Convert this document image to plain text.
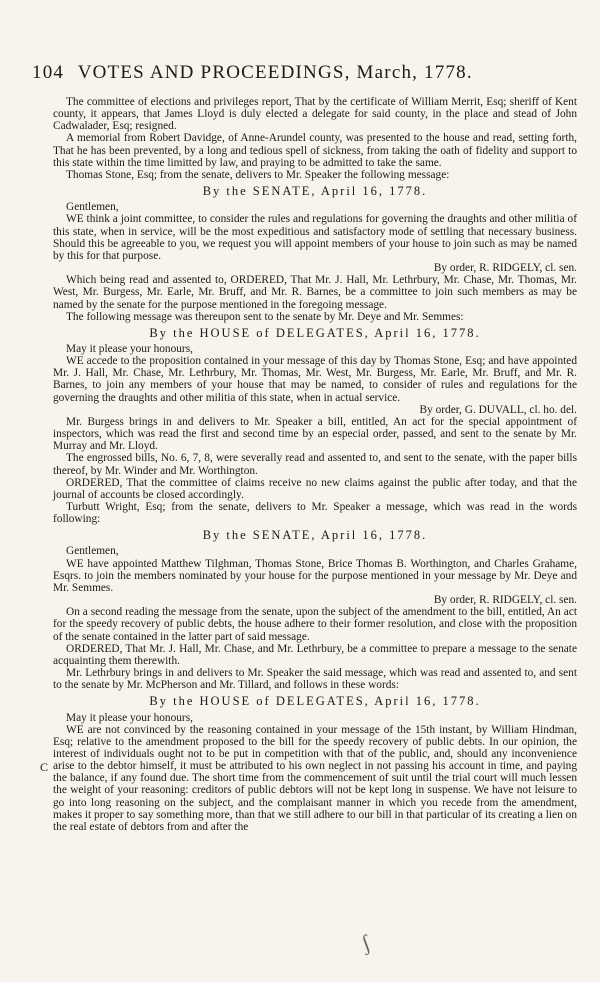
104 VOTES AND PROCEEDINGS, March, 1778.
C
ʃ

The committee of elections and privileges report, That by the certificate of William Merrit, Esq; sheriff of Kent county, it appears, that James Lloyd is duly elected a delegate for said county, in the place and stead of John Cadwalader, Esq; resigned.

A memorial from Robert Davidge, of Anne-Arundel county, was presented to the house and read, setting forth, That he has been prevented, by a long and tedious spell of sickness, from taking the oath of fidelity and support to this state within the time limitted by law, and praying to be admitted to take the same.

Thomas Stone, Esq; from the senate, delivers to Mr. Speaker the following message:

By the SENATE, April 16, 1778.

Gentlemen,

WE think a joint committee, to consider the rules and regulations for governing the draughts and other militia of this state, when in service, will be the most expeditious and satisfactory mode of settling that necessary business. Should this be agreeable to you, we request you will appoint members of your house to join such as may be named by this for that purpose.

By order, R. RIDGELY, cl. sen.

Which being read and assented to, ORDERED, That Mr. J. Hall, Mr. Lethrbury, Mr. Chase, Mr. Thomas, Mr. West, Mr. Burgess, Mr. Earle, Mr. Bruff, and Mr. R. Barnes, be a committee to join such members as may be named by the senate for the purpose mentioned in the foregoing message.

The following message was thereupon sent to the senate by Mr. Deye and Mr. Semmes:

By the HOUSE of DELEGATES, April 16, 1778.

May it please your honours,

WE accede to the proposition contained in your message of this day by Thomas Stone, Esq; and have appointed Mr. J. Hall, Mr. Chase, Mr. Lethrbury, Mr. Thomas, Mr. West, Mr. Burgess, Mr. Earle, Mr. Bruff, and Mr. R. Barnes, to join any members of your house that may be named, to consider of rules and regulations for the governing the draughts and other militia of this state, when in actual service.

By order, G. DUVALL, cl. ho. del.

Mr. Burgess brings in and delivers to Mr. Speaker a bill, entitled, An act for the special appointment of inspectors, which was read the first and second time by an especial order, passed, and sent to the senate by Mr. Murray and Mr. Lloyd.

The engrossed bills, No. 6, 7, 8, were severally read and assented to, and sent to the senate, with the paper bills thereof, by Mr. Winder and Mr. Worthington.

ORDERED, That the committee of claims receive no new claims against the public after today, and that the journal of accounts be closed accordingly.

Turbutt Wright, Esq; from the senate, delivers to Mr. Speaker a message, which was read in the words following:

By the SENATE, April 16, 1778.

Gentlemen,

WE have appointed Matthew Tilghman, Thomas Stone, Brice Thomas B. Worthington, and Charles Grahame, Esqrs. to join the members nominated by your house for the purpose mentioned in your message by Mr. Deye and Mr. Semmes.

By order, R. RIDGELY, cl. sen.

On a second reading the message from the senate, upon the subject of the amendment to the bill, entitled, An act for the speedy recovery of public debts, the house adhere to their former resolution, and close with the proposition of the senate contained in the latter part of said message.

ORDERED, That Mr. J. Hall, Mr. Chase, and Mr. Lethrbury, be a committee to prepare a message to the senate acquainting them therewith.

Mr. Lethrbury brings in and delivers to Mr. Speaker the said message, which was read and assented to, and sent to the senate by Mr. McPherson and Mr. Tillard, and follows in these words:

By the HOUSE of DELEGATES, April 16, 1778.

May it please your honours,

WE are not convinced by the reasoning contained in your message of the 15th instant, by William Hindman, Esq; relative to the amendment proposed to the bill for the speedy recovery of public debts. In our opinion, the interest of individuals ought not to be put in competition with that of the public, and, should any inconvenience arise to the debtor himself, it must be attributed to his own neglect in not passing his account in time, and paying the balance, if any found due. The short time from the commencement of suit until the trial court will much lessen the weight of your reasoning: creditors of public debtors will not be kept long in suspense. We have not leisure to go into long reasoning on the subject, and the complaisant manner in which you recede from the amendment, makes it proper to say something more, than that we still adhere to our bill in that particular of its creating a lien on the real estate of debtors from and after the
